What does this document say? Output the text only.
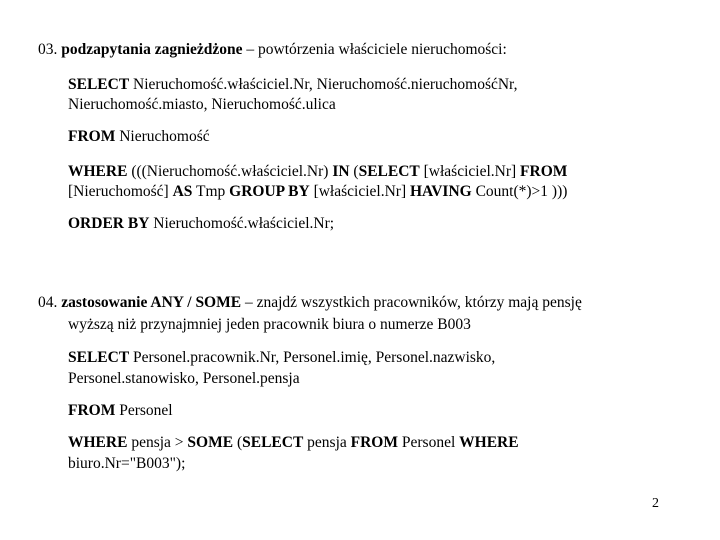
03. podzapytania zagnieżdżone – powtórzenia właściciele nieruchomości:
SELECT Nieruchomość.właściciel.Nr, Nieruchomość.nieruchomośćNr,
Nieruchomość.miasto, Nieruchomość.ulica
FROM Nieruchomość
WHERE (((Nieruchomość.właściciel.Nr) IN (SELECT [właściciel.Nr] FROM
[Nieruchomość] AS Tmp GROUP BY [właściciel.Nr] HAVING Count(*)>1 )))
ORDER BY Nieruchomość.właściciel.Nr;
04. zastosowanie ANY / SOME – znajdź wszystkich pracowników, którzy mają pensję
wyższą niż przynajmniej jeden pracownik biura o numerze B003
SELECT Personel.pracownik.Nr, Personel.imię, Personel.nazwisko,
Personel.stanowisko, Personel.pensja
FROM Personel
WHERE pensja > SOME (SELECT pensja FROM Personel WHERE
biuro.Nr="B003");
2
